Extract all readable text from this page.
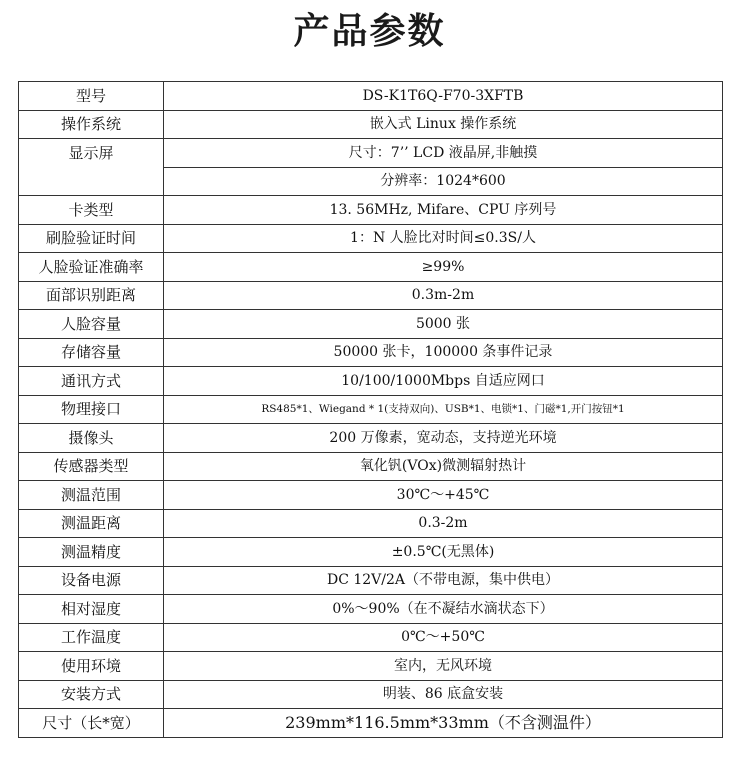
产品参数
型号	DS-K1T6Q-F70-3XFTB
操作系统	嵌入式 Linux 操作系统
显示屏	尺寸：7’’ LCD 液晶屏,非触摸
	分辨率：1024*600
卡类型	13. 56MHz, Mifare、CPU 序列号
刷脸验证时间	1：N 人脸比对时间≤0.3S/人
人脸验证准确率	≥99%
面部识别距离	0.3m-2m
人脸容量	5000 张
存储容量	50000 张卡，100000 条事件记录
通讯方式	10/100/1000Mbps 自适应网口
物理接口	RS485*1、Wiegand * 1(支持双向)、USB*1、电锁*1、门磁*1,开门按钮*1
摄像头	200 万像素，宽动态，支持逆光环境
传感器类型	氧化钒(VOx)微测辐射热计
测温范围	30℃～+45℃
测温距离	0.3-2m
测温精度	±0.5℃(无黑体)
设备电源	DC 12V/2A（不带电源，集中供电）
相对湿度	0%～90%（在不凝结水滴状态下）
工作温度	0℃～+50℃
使用环境	室内，无风环境
安装方式	明装、86 底盒安装
尺寸（长*宽）	239mm*116.5mm*33mm（不含测温件）
